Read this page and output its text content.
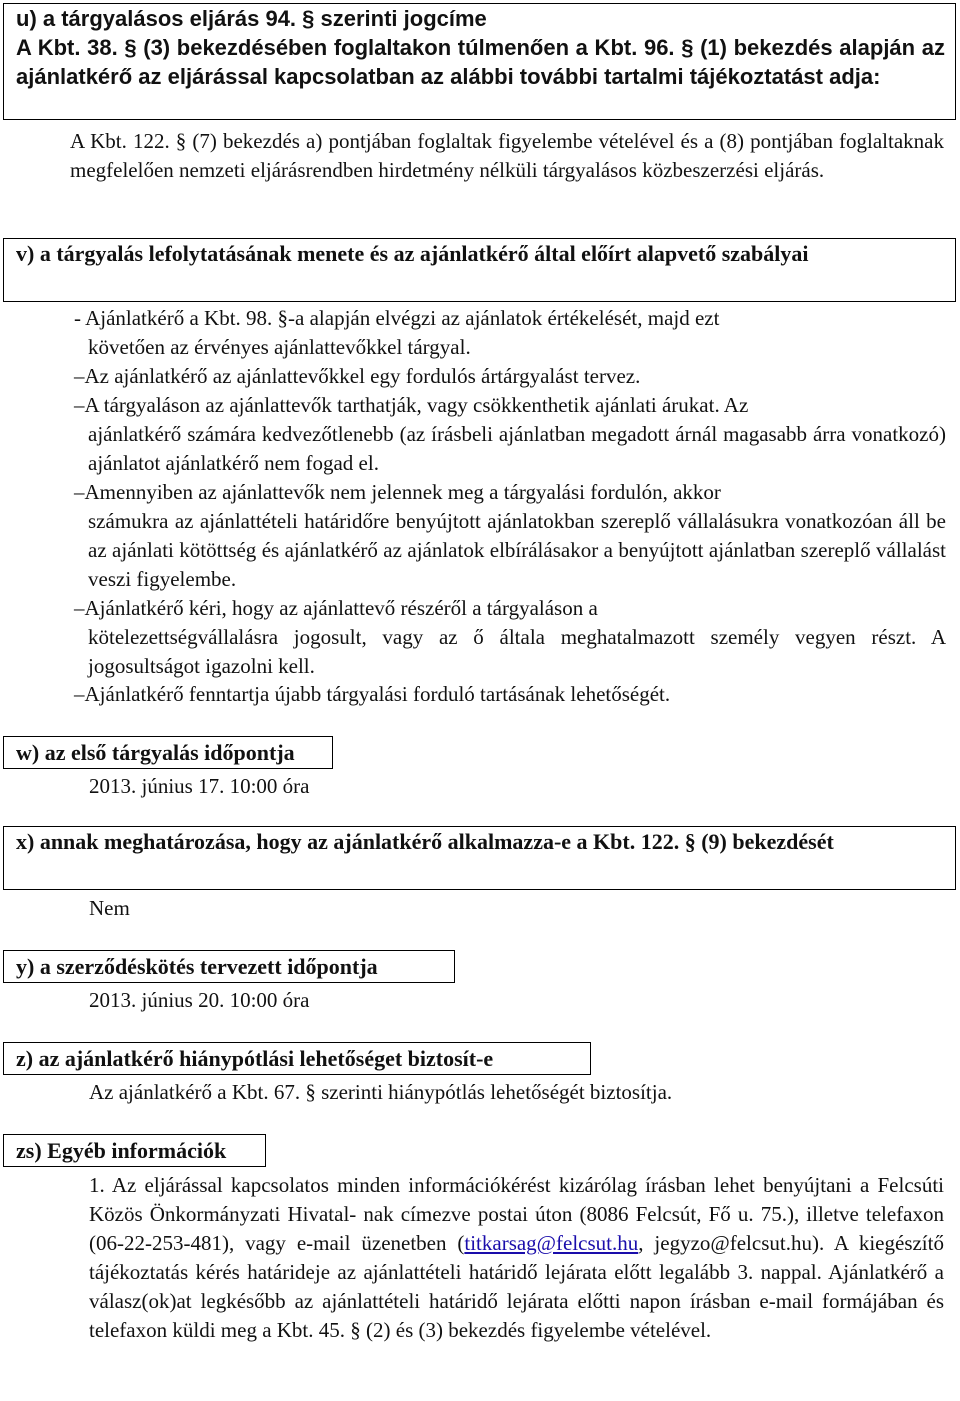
u) a tárgyalásos eljárás 94. § szerinti jogcíme
A Kbt. 38. § (3) bekezdésében foglaltakon túlmenően a Kbt. 96. § (1) bekezdés alapján az ajánlatkérő az eljárással kapcsolatban az alábbi további tartalmi tájékoztatást adja:
A Kbt. 122. § (7) bekezdés a) pontjában foglaltak figyelembe vételével és a (8) pontjában foglaltaknak megfelelően nemzeti eljárásrendben hirdetmény nélküli tárgyalásos közbeszerzési eljárás.
v) a tárgyalás lefolytatásának menete és az ajánlatkérő által előírt alapvető szabályai
- Ajánlatkérő a Kbt. 98. §-a alapján elvégzi az ajánlatok értékelését, majd ezt
követően az érvényes ajánlattevőkkel tárgyal.
–Az ajánlatkérő az ajánlattevőkkel egy fordulós ártárgyalást tervez.
–A tárgyaláson az ajánlattevők tarthatják, vagy csökkenthetik ajánlati árukat. Az
ajánlatkérő számára kedvezőtlenebb (az írásbeli ajánlatban megadott árnál magasabb árra vonatkozó) ajánlatot ajánlatkérő nem fogad el.
–Amennyiben az ajánlattevők nem jelennek meg a tárgyalási fordulón, akkor
számukra az ajánlattételi határidőre benyújtott ajánlatokban szereplő vállalásukra vonatkozóan áll be az ajánlati kötöttség és ajánlatkérő az ajánlatok elbírálásakor a benyújtott ajánlatban szereplő vállalást veszi figyelembe.
–Ajánlatkérő kéri, hogy az ajánlattevő részéről a tárgyaláson a
kötelezettségvállalásra jogosult, vagy az ő általa meghatalmazott személy vegyen részt. A jogosultságot igazolni kell.
–Ajánlatkérő fenntartja újabb tárgyalási forduló tartásának lehetőségét.
w) az első tárgyalás időpontja
2013. június 17. 10:00 óra
x) annak meghatározása, hogy az ajánlatkérő alkalmazza-e a Kbt. 122. § (9) bekezdését
Nem
y) a szerződéskötés tervezett időpontja
2013. június 20. 10:00 óra
z) az ajánlatkérő hiánypótlási lehetőséget biztosít-e
Az ajánlatkérő a Kbt. 67. § szerinti hiánypótlás lehetőségét biztosítja.
zs) Egyéb információk
1. Az eljárással kapcsolatos minden információkérést kizárólag írásban lehet benyújtani a Felcsúti Közös Önkormányzati Hivatal- nak címezve postai úton (8086 Felcsút, Fő u. 75.), illetve telefaxon (06-22-253-481), vagy e-mail üzenetben (titkarsag@felcsut.hu, jegyzo@felcsut.hu). A kiegészítő tájékoztatás kérés határideje az ajánlattételi határidő lejárata előtt legalább 3. nappal. Ajánlatkérő a válasz(ok)at legkésőbb az ajánlattételi határidő lejárata előtti napon írásban e-mail formájában és telefaxon küldi meg a Kbt. 45. § (2) és (3) bekezdés figyelembe vételével.
